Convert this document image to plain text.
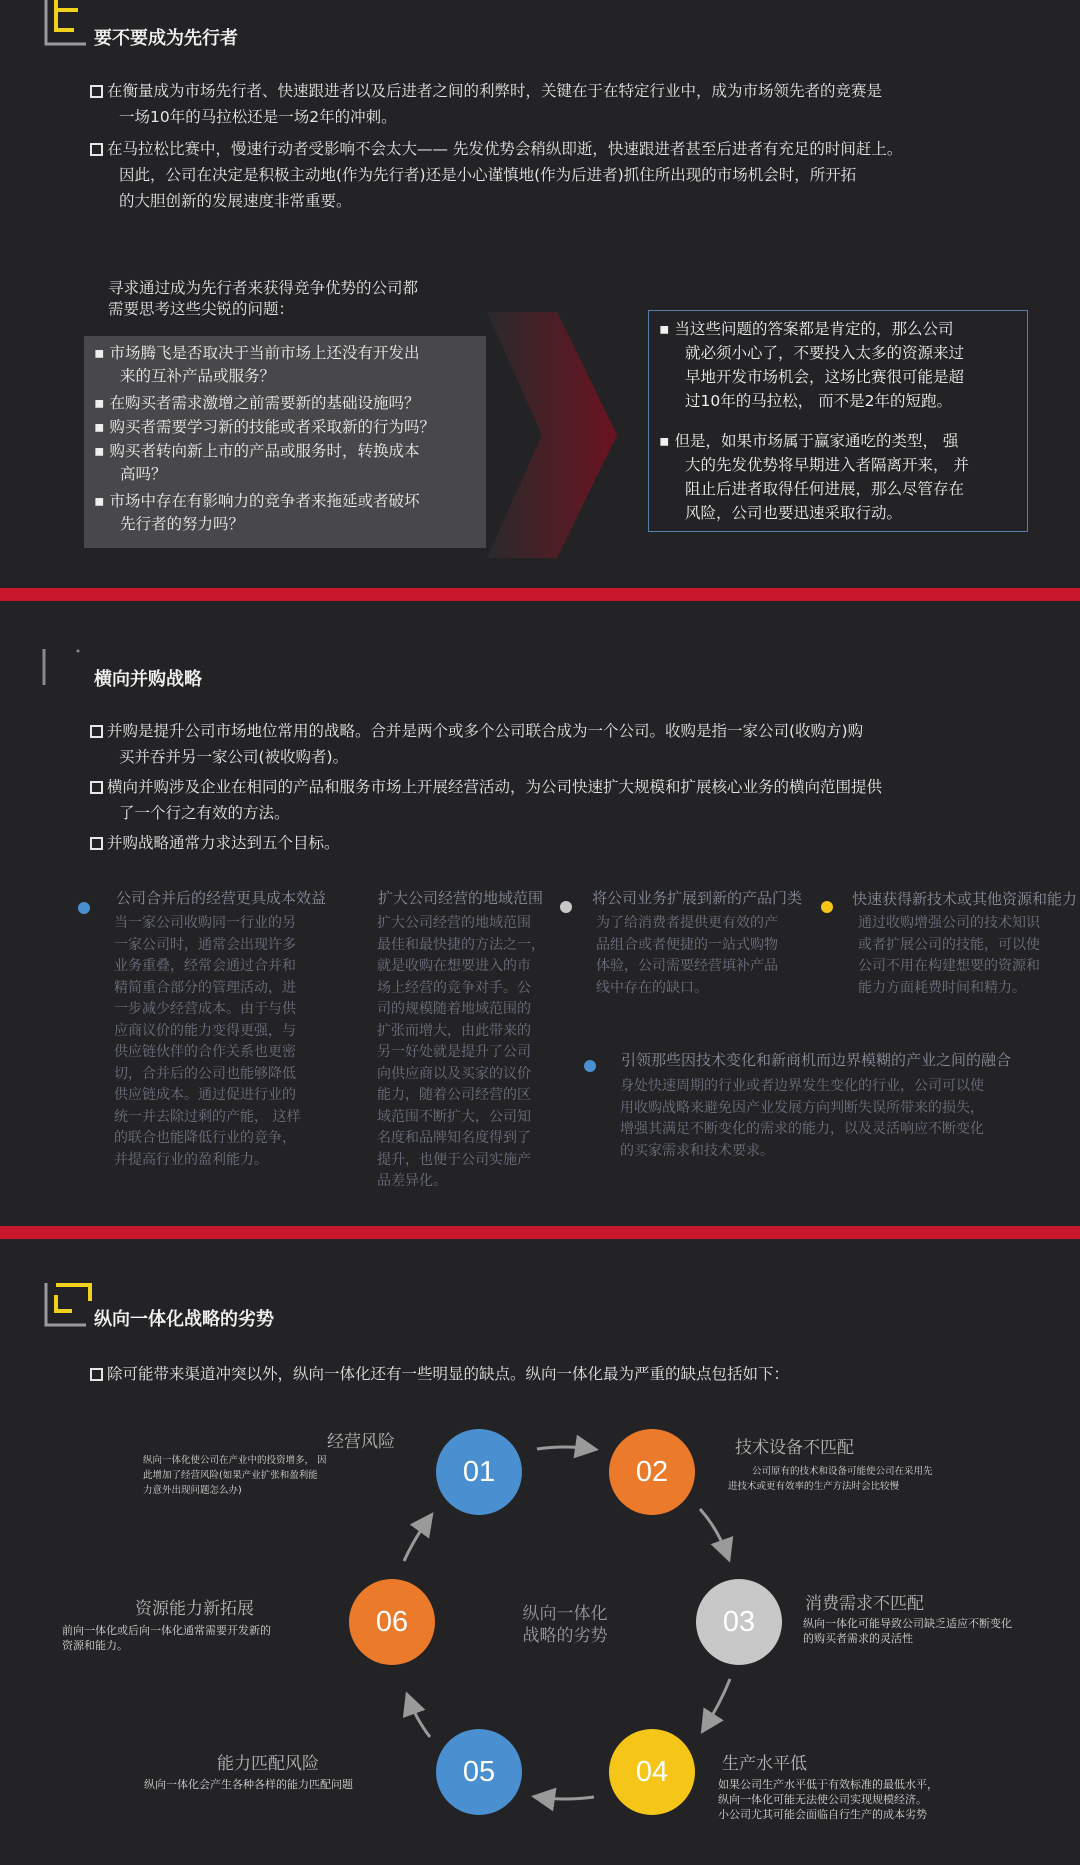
要不要成为先行者
在衡量成为市场先行者、快速跟进者以及后进者之间的利弊时，关键在于在特定行业中，成为市场领先者的竞赛是
一场10年的马拉松还是一场2年的冲刺。
在马拉松比赛中，慢速行动者受影响不会太大—— 先发优势会稍纵即逝，快速跟进者甚至后进者有充足的时间赶上。
因此，公司在决定是积极主动地(作为先行者)还是小心谨慎地(作为后进者)抓住所出现的市场机会时，所开拓
的大胆创新的发展速度非常重要。
寻求通过成为先行者来获得竞争优势的公司都
需要思考这些尖锐的问题：
▪ 市场腾飞是否取决于当前市场上还没有开发出
来的互补产品或服务？
▪ 在购买者需求激增之前需要新的基础设施吗？
▪ 购买者需要学习新的技能或者采取新的行为吗？
▪ 购买者转向新上市的产品或服务时，转换成本
高吗？
▪ 市场中存在有影响力的竞争者来拖延或者破坏
先行者的努力吗？
▪ 当这些问题的答案都是肯定的，那么公司
就必须小心了，不要投入太多的资源来过
早地开发市场机会，这场比赛很可能是超
过10年的马拉松， 而不是2年的短跑。
▪ 但是，如果市场属于赢家通吃的类型， 强
大的先发优势将早期进入者隔离开来， 并
阻止后进者取得任何进展，那么尽管存在
风险，公司也要迅速采取行动。
横向并购战略
并购是提升公司市场地位常用的战略。合并是两个或多个公司联合成为一个公司。收购是指一家公司(收购方)购
买并吞并另一家公司(被收购者)。
横向并购涉及企业在相同的产品和服务市场上开展经营活动，为公司快速扩大规模和扩展核心业务的横向范围提供
了一个行之有效的方法。
并购战略通常力求达到五个目标。
公司合并后的经营更具成本效益
当一家公司收购同一行业的另
一家公司时，通常会出现许多
业务重叠，经常会通过合并和
精简重合部分的管理活动，进
一步减少经营成本。由于与供
应商议价的能力变得更强，与
供应链伙伴的合作关系也更密
切，合并后的公司也能够降低
供应链成本。通过促进行业的
统一并去除过剩的产能， 这样
的联合也能降低行业的竞争，
并提高行业的盈利能力。
扩大公司经营的地域范围
扩大公司经营的地域范围
最佳和最快捷的方法之一，
就是收购在想要进入的市
场上经营的竞争对手。公
司的规模随着地域范围的
扩张而增大，由此带来的
另一好处就是提升了公司
向供应商以及买家的议价
能力，随着公司经营的区
域范围不断扩大，公司知
名度和品牌知名度得到了
提升，也便于公司实施产
品差异化。
将公司业务扩展到新的产品门类
为了给消费者提供更有效的产
品组合或者便捷的一站式购物
体验，公司需要经营填补产品
线中存在的缺口。
快速获得新技术或其他资源和能力
通过收购增强公司的技术知识
或者扩展公司的技能，可以使
公司不用在构建想要的资源和
能力方面耗费时间和精力。
引领那些因技术变化和新商机而边界模糊的产业之间的融合
身处快速周期的行业或者边界发生变化的行业，公司可以使
用收购战略来避免因产业发展方向判断失误所带来的损失，
增强其满足不断变化的需求的能力，以及灵活响应不断变化
的买家需求和技术要求。
纵向一体化战略的劣势
除可能带来渠道冲突以外，纵向一体化还有一些明显的缺点。纵向一体化最为严重的缺点包括如下：
01	02
03
04
05
06	纵向一体化
战略的劣势
经营风险
纵向一体化使公司在产业中的投资增多， 因
此增加了经营风险(如果产业扩张和盈利能
力意外出现问题怎么办)
技术设备不匹配
公司原有的技术和设备可能使公司在采用先
进技术或更有效率的生产方法时会比较慢
消费需求不匹配
纵向一体化可能导致公司缺乏适应不断变化
的购买者需求的灵活性
生产水平低
如果公司生产水平低于有效标准的最低水平，
纵向一体化可能无法使公司实现规模经济。
小公司尤其可能会面临自行生产的成本劣势
能力匹配风险
纵向一体化会产生各种各样的能力匹配问题
资源能力新拓展
前向一体化或后向一体化通常需要开发新的
资源和能力。
